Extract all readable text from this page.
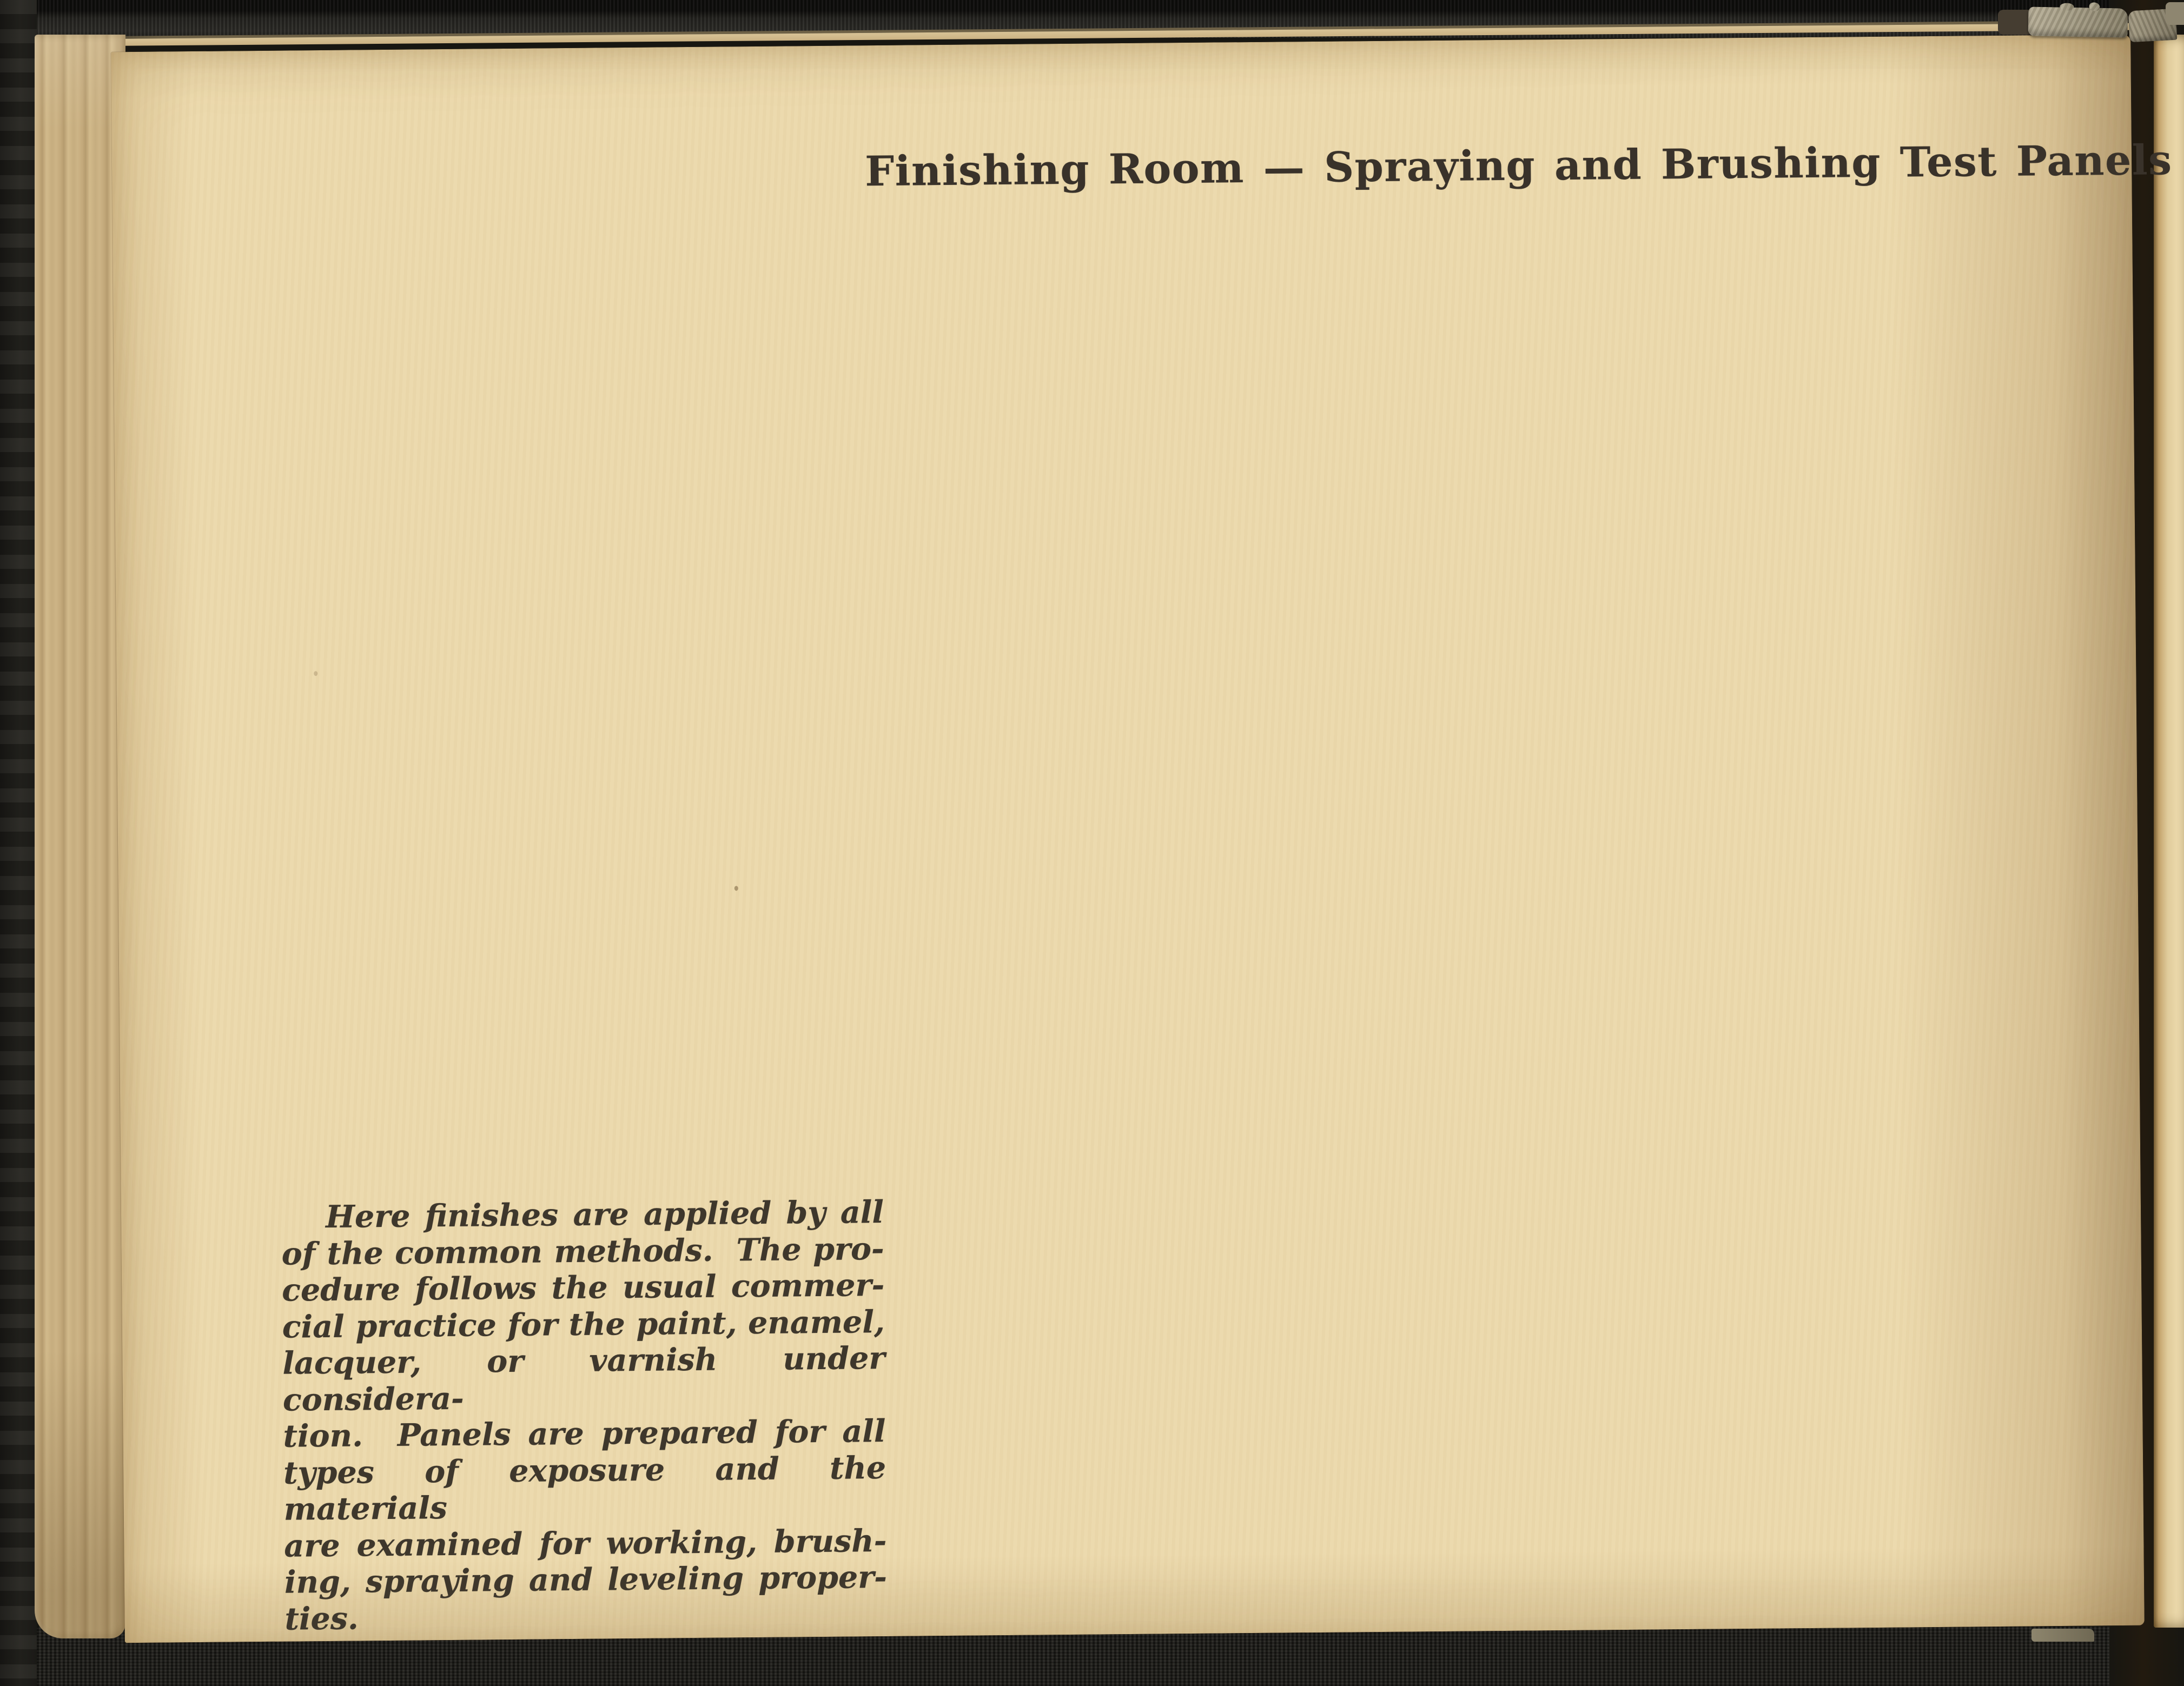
Finishing Room — Spraying and Brushing Test Panels
Here finishes are applied by all
of the common methods.  The pro-
cedure follows the usual commer-
cial practice for the paint, enamel,
lacquer, or varnish under considera-
tion.  Panels are prepared for all
types of exposure and the materials
are examined for working, brush-
ing, spraying and leveling proper-
ties.
